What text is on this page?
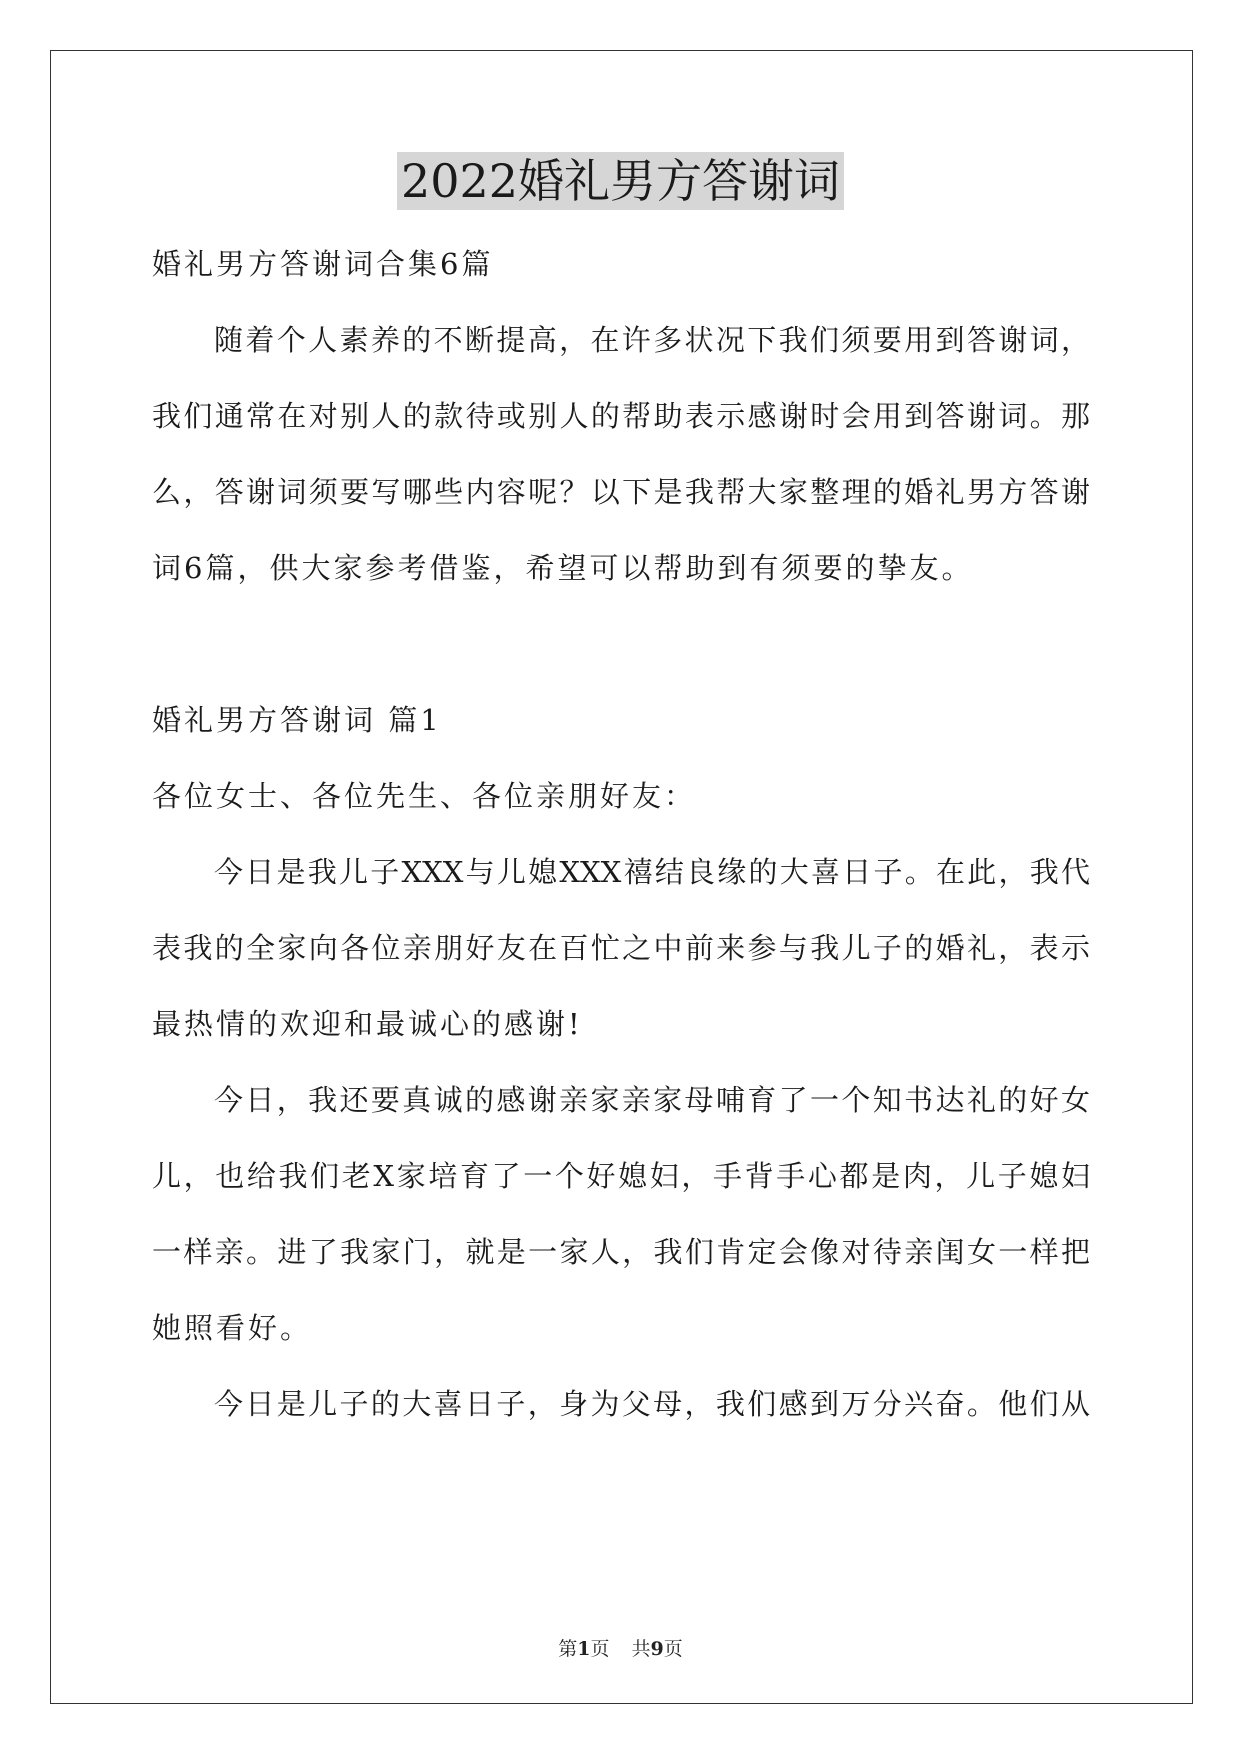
2022婚礼男方答谢词
婚礼男方答谢词合集6篇
随着个人素养的不断提高，在许多状况下我们须要用到答谢词，
我们通常在对别人的款待或别人的帮助表示感谢时会用到答谢词。那
么，答谢词须要写哪些内容呢？以下是我帮大家整理的婚礼男方答谢
词6篇，供大家参考借鉴，希望可以帮助到有须要的挚友。
婚礼男方答谢词 篇1
各位女士、各位先生、各位亲朋好友：
今日是我儿子XXX与儿媳XXX禧结良缘的大喜日子。在此，我代
表我的全家向各位亲朋好友在百忙之中前来参与我儿子的婚礼，表示
最热情的欢迎和最诚心的感谢!
今日，我还要真诚的感谢亲家亲家母哺育了一个知书达礼的好女
儿，也给我们老X家培育了一个好媳妇，手背手心都是肉，儿子媳妇
一样亲。进了我家门，就是一家人，我们肯定会像对待亲闺女一样把
她照看好。
今日是儿子的大喜日子，身为父母，我们感到万分兴奋。他们从
第1页 共9页
